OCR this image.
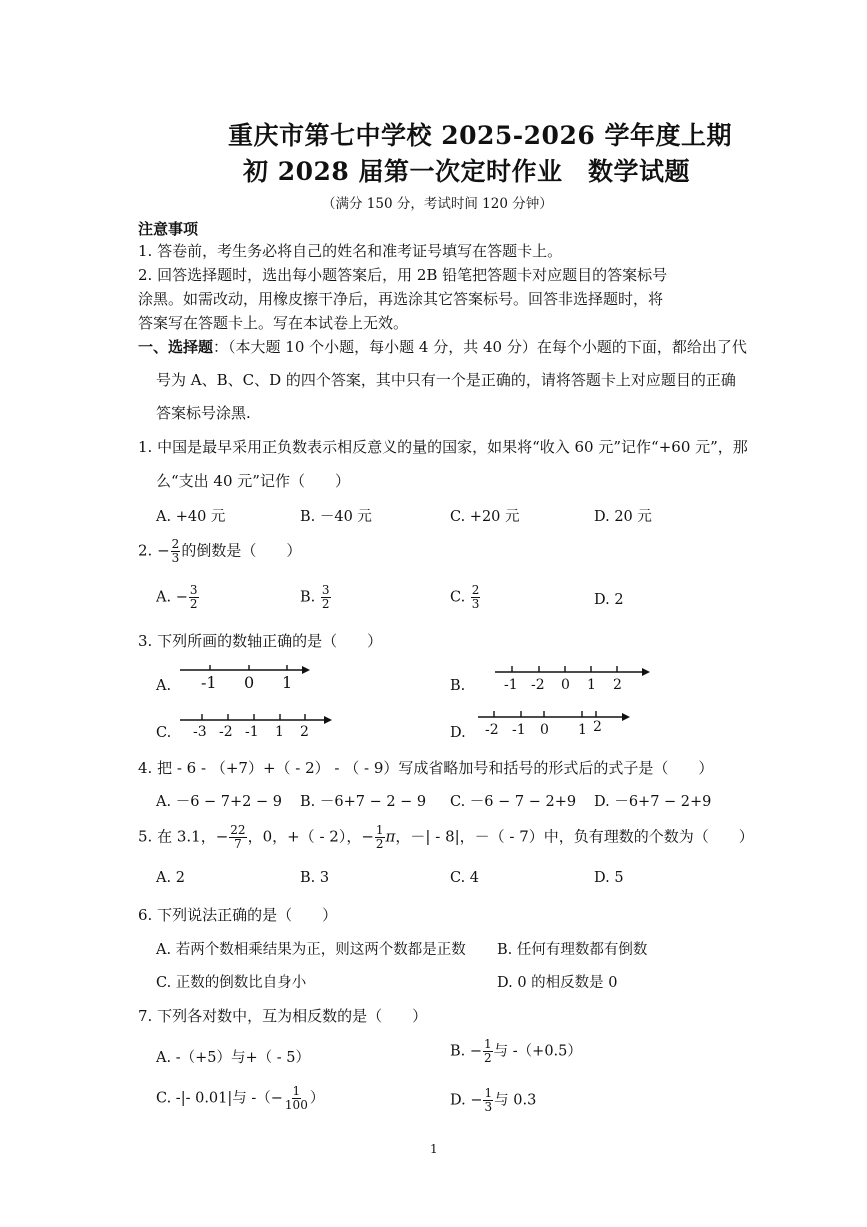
重庆市第七中学校 2025-2026 学年度上期
初 2028 届第一次定时作业　数学试题
（满分 150 分，考试时间 120 分钟）
注意事项
1. 答卷前，考生务必将自己的姓名和准考证号填写在答题卡上。
2. 回答选择题时，选出每小题答案后，用 2B 铅笔把答题卡对应题目的答案标号
涂黑。如需改动，用橡皮擦干净后，再选涂其它答案标号。回答非选择题时，将
答案写在答题卡上。写在本试卷上无效。
一、选择题：（本大题 10 个小题，每小题 4 分，共 40 分）在每个小题的下面，都给出了代
号为 A、B、C、D 的四个答案，其中只有一个是正确的，请将答题卡上对应题目的正确
答案标号涂黑.
1. 中国是最早采用正负数表示相反意义的量的国家，如果将“收入 60 元”记作“+60 元”，那
么“支出 40 元”记作（　　）
A. +40 元	B. －40 元	C. +20 元	D. 20 元
2. − $\frac{2}{3}$ 的倒数是（　　）
A. − $\frac{3}{2}$	B. $\frac{3}{2}$	C. $\frac{2}{3}$	D. 2
3. 下列所画的数轴正确的是（　　）
A. -1 0 1	B.	-1 -2 0 1 2
C. -3 -2 -1 1 2	D. -2 -1 0 1 2
4. 把 - 6 - （+7）+（ - 2） - （ - 9）写成省略加号和括号的形式后的式子是（　　）
A. －6 − 7+2 − 9 B. －6+7 − 2 − 9 C. －6 − 7 − 2+9 D. －6+7 − 2+9
5. 在 3.1，− $\frac{22}{7}$ ，0，+（ - 2），− $\frac{1}{2}$ π，－| - 8|，－（ - 7）中，负有理数的个数为（　　）
A. 2	B. 3	C. 4	D. 5
6. 下列说法正确的是（　　）
A. 若两个数相乘结果为正，则这两个数都是正数 B. 任何有理数都有倒数
C. 正数的倒数比自身小	D. 0 的相反数是 0
7. 下列各对数中，互为相反数的是（　　）
A. -（+5）与+（ - 5）	B. − $\frac{1}{2}$ 与 -（+0.5）
C. -|- 0.01|与 -（− $\frac{1}{100}$ ）	D. − $\frac{1}{3}$ 与 0.3
1
